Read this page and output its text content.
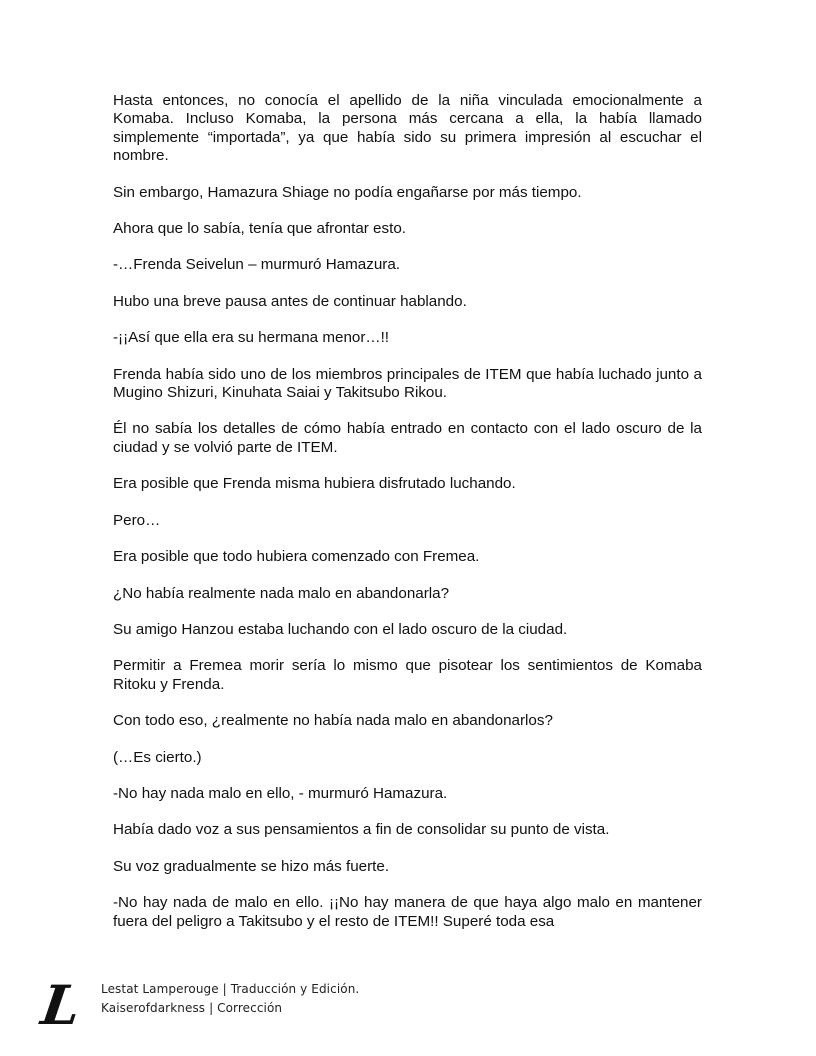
Hasta entonces, no conocía el apellido de la niña vinculada emocionalmente a Komaba. Incluso Komaba, la persona más cercana a ella, la había llamado simplemente “importada”, ya que había sido su primera impresión al escuchar el nombre.

Sin embargo, Hamazura Shiage no podía engañarse por más tiempo.

Ahora que lo sabía, tenía que afrontar esto.

-…Frenda Seivelun – murmuró Hamazura.

Hubo una breve pausa antes de continuar hablando.

-¡¡Así que ella era su hermana menor…!!

Frenda había sido uno de los miembros principales de ITEM que había luchado junto a Mugino Shizuri, Kinuhata Saiai y Takitsubo Rikou.

Él no sabía los detalles de cómo había entrado en contacto con el lado oscuro de la ciudad y se volvió parte de ITEM.

Era posible que Frenda misma hubiera disfrutado luchando.

Pero…

Era posible que todo hubiera comenzado con Fremea.

¿No había realmente nada malo en abandonarla?

Su amigo Hanzou estaba luchando con el lado oscuro de la ciudad.

Permitir a Fremea morir sería lo mismo que pisotear los sentimientos de Komaba Ritoku y Frenda.

Con todo eso, ¿realmente no había nada malo en abandonarlos?

(…Es cierto.)

-No hay nada malo en ello, - murmuró Hamazura.

Había dado voz a sus pensamientos a fin de consolidar su punto de vista.

Su voz gradualmente se hizo más fuerte.

-No hay nada de malo en ello. ¡¡No hay manera de que haya algo malo en mantener fuera del peligro a Takitsubo y el resto de ITEM!! Superé toda esa

L Lestat Lamperouge | Traducción y Edición.
Kaiserofdarkness | Corrección
